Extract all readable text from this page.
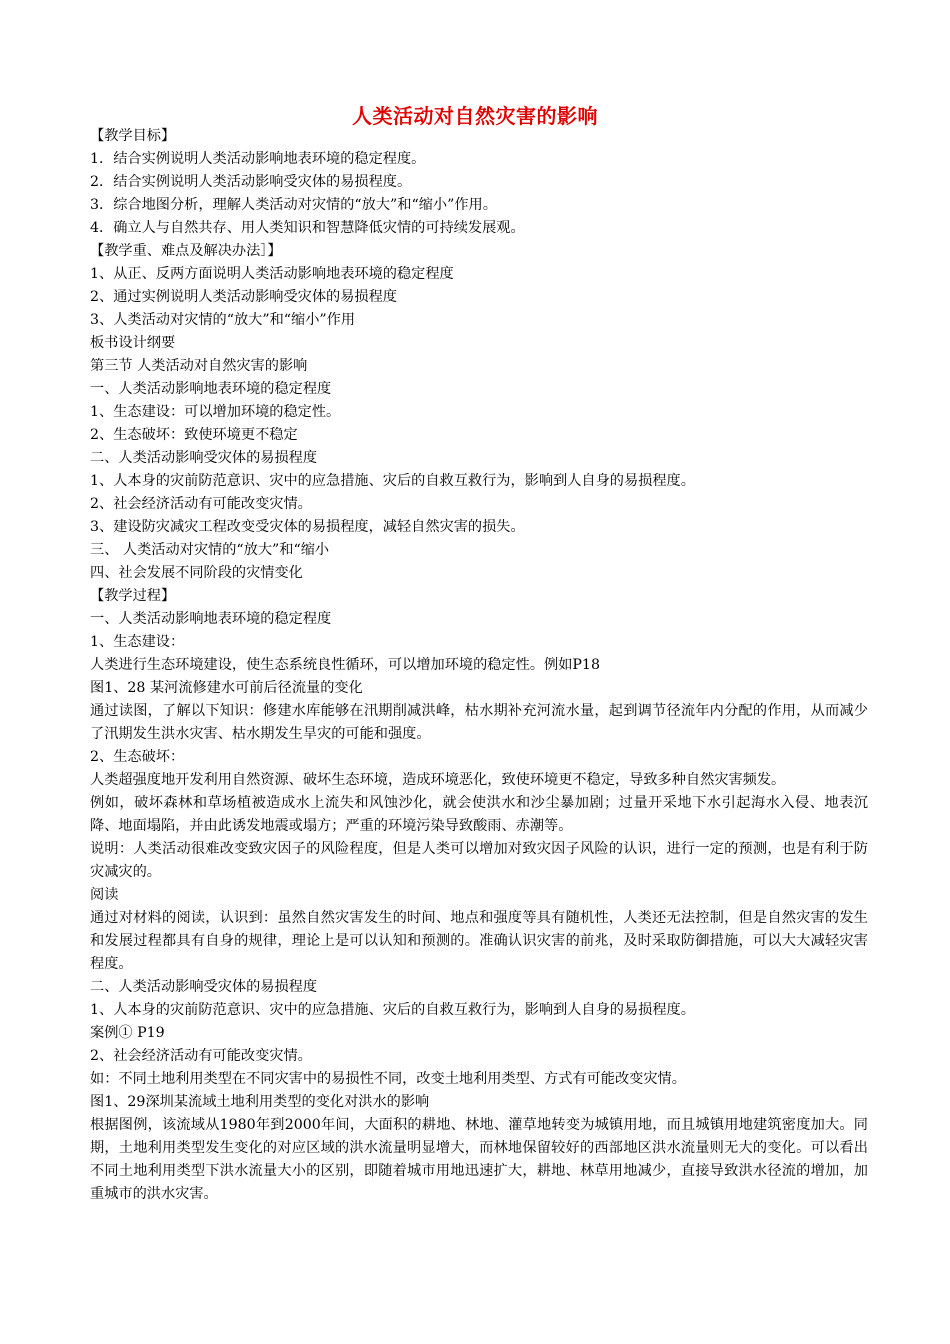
人类活动对自然灾害的影响

【教学目标】

1．结合实例说明人类活动影响地表环境的稳定程度。

2．结合实例说明人类活动影响受灾体的易损程度。

3．综合地图分析，理解人类活动对灾情的“放大”和“缩小”作用。

4．确立人与自然共存、用人类知识和智慧降低灾情的可持续发展观。

【教学重、难点及解决办法］】

1、从正、反两方面说明人类活动影响地表环境的稳定程度

2、通过实例说明人类活动影响受灾体的易损程度

3、人类活动对灾情的“放大”和“缩小”作用

板书设计纲要

第三节 人类活动对自然灾害的影响

一、人类活动影响地表环境的稳定程度

1、生态建设：可以增加环境的稳定性。

2、生态破坏：致使环境更不稳定

二、人类活动影响受灾体的易损程度

1、人本身的灾前防范意识、灾中的应急措施、灾后的自救互救行为，影响到人自身的易损程度。

2、社会经济活动有可能改变灾情。

3、建设防灾减灾工程改变受灾体的易损程度，减轻自然灾害的损失。

三、 人类活动对灾情的“放大”和“缩小

四、社会发展不同阶段的灾情变化

【教学过程】

一、人类活动影响地表环境的稳定程度

1、生态建设：

人类进行生态环境建设，使生态系统良性循环，可以增加环境的稳定性。例如P18

图1、28 某河流修建水可前后径流量的变化

通过读图，了解以下知识：修建水库能够在汛期削减洪峰，枯水期补充河流水量，起到调节径流年内分配的作用，从而减少了汛期发生洪水灾害、枯水期发生旱灾的可能和强度。

2、生态破坏：

人类超强度地开发利用自然资源、破坏生态环境，造成环境恶化，致使环境更不稳定，导致多种自然灾害频发。

例如，破坏森林和草场植被造成水上流失和风蚀沙化，就会使洪水和沙尘暴加剧；过量开采地下水引起海水入侵、地表沉降、地面塌陷，并由此诱发地震或塌方；严重的环境污染导致酸雨、赤潮等。

说明：人类活动很难改变致灾因子的风险程度，但是人类可以增加对致灾因子风险的认识，进行一定的预测，也是有利于防灾减灾的。

阅读

通过对材料的阅读，认识到：虽然自然灾害发生的时间、地点和强度等具有随机性，人类还无法控制，但是自然灾害的发生和发展过程都具有自身的规律，理论上是可以认知和预测的。准确认识灾害的前兆，及时采取防御措施，可以大大减轻灾害程度。

二、人类活动影响受灾体的易损程度

1、人本身的灾前防范意识、灾中的应急措施、灾后的自救互救行为，影响到人自身的易损程度。

案例① P19

2、社会经济活动有可能改变灾情。

如：不同土地利用类型在不同灾害中的易损性不同，改变土地利用类型、方式有可能改变灾情。

图1、29深圳某流域土地利用类型的变化对洪水的影响

根据图例，该流域从1980年到2000年间，大面积的耕地、林地、灌草地转变为城镇用地，而且城镇用地建筑密度加大。同期，土地利用类型发生变化的对应区域的洪水流量明显增大，而林地保留较好的西部地区洪水流量则无大的变化。可以看出不同土地利用类型下洪水流量大小的区别，即随着城市用地迅速扩大，耕地、林草用地减少，直接导致洪水径流的增加，加重城市的洪水灾害。
